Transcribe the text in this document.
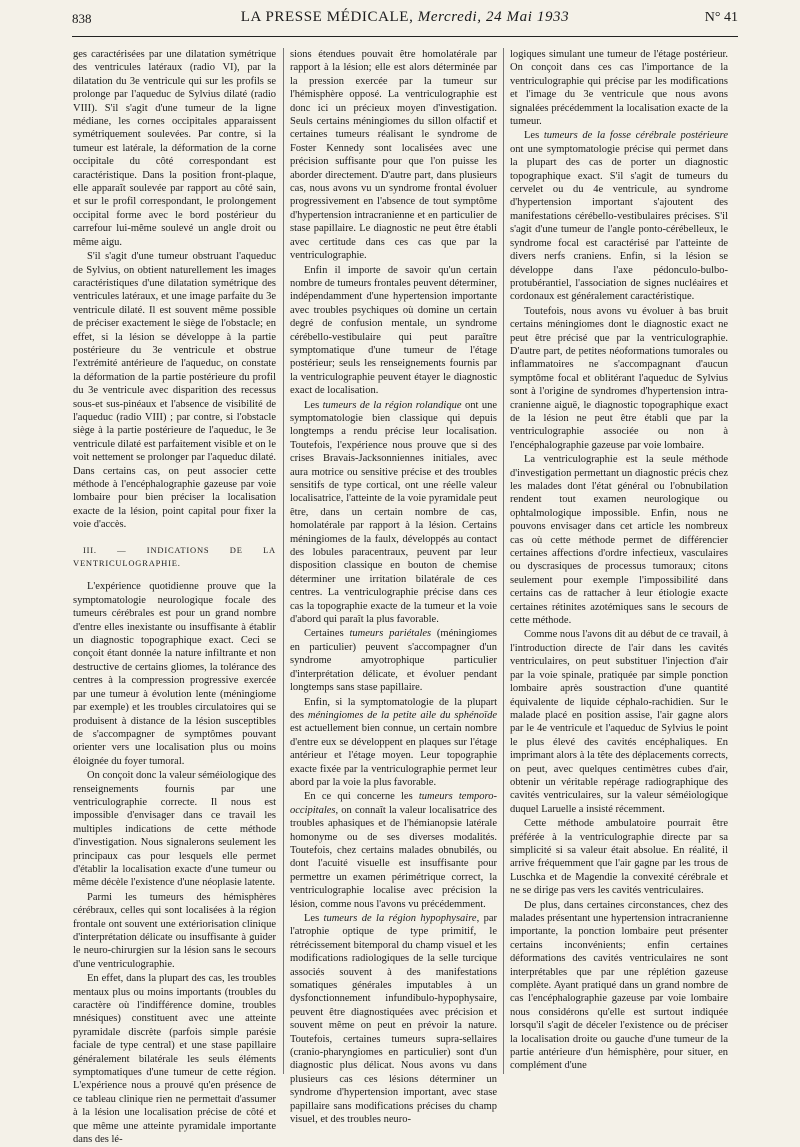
838	LA PRESSE MÉDICALE, Mercredi, 24 Mai 1933	N° 41

ges caractérisées par une dilatation symétrique des ventricules latéraux (radio VI), par la dilatation du 3e ventricule qui sur les profils se prolonge par l'aqueduc de Sylvius dilaté (radio VIII). S'il s'agit d'une tumeur de la ligne médiane, les cornes occipitales apparaissent symétriquement soulevées. Par contre, si la tumeur est latérale, la déformation de la corne occipitale du côté correspondant est caractéristique. Dans la position front-plaque, elle apparaît soulevée par rapport au côté sain, et sur le profil correspondant, le prolongement occipital forme avec le bord postérieur du carrefour lui-même soulevé un angle droit ou même aigu.

S'il s'agit d'une tumeur obstruant l'aqueduc de Sylvius, on obtient naturellement les images caractéristiques d'une dilatation symétrique des ventricules latéraux, et une image parfaite du 3e ventricule dilaté. Il est souvent même possible de préciser exactement le siège de l'obstacle; en effet, si la lésion se développe à la partie postérieure du 3e ventricule et obstrue l'extrémité antérieure de l'aqueduc, on constate la déformation de la partie postérieure du profil du 3e ventricule avec disparition des recessus sous-et sus-pinéaux et l'absence de visibilité de l'aqueduc (radio VIII) ; par contre, si l'obstacle siège à la partie postérieure de l'aqueduc, le 3e ventricule dilaté est parfaitement visible et on le voit nettement se prolonger par l'aqueduc dilaté. Dans certains cas, on peut associer cette méthode à l'encéphalographie gazeuse par voie lombaire pour bien préciser la localisation exacte de la lésion, point capital pour fixer la voie d'accès.

III. — INDICATIONS DE LA VENTRICULOGRAPHIE.

L'expérience quotidienne prouve que la symptomatologie neurologique focale des tumeurs cérébrales est pour un grand nombre d'entre elles inexistante ou insuffisante à établir un diagnostic topographique exact. Ceci se conçoit étant donnée la nature infiltrante et non destructive de certains gliomes, la tolérance des centres à la compression progressive exercée par une tumeur à évolution lente (méningiome par exemple) et les troubles circulatoires qui se produisent à distance de la lésion susceptibles de s'accompagner de symptômes pouvant orienter vers une localisation plus ou moins éloignée du foyer tumoral.

On conçoit donc la valeur séméiologique des renseignements fournis par une ventriculographie correcte. Il nous est impossible d'envisager dans ce travail les multiples indications de cette méthode d'investigation. Nous signalerons seulement les principaux cas pour lesquels elle permet d'établir la localisation exacte d'une tumeur ou même décèle l'existence d'une néoplasie latente.

Parmi les tumeurs des hémisphères cérébraux, celles qui sont localisées à la région frontale ont souvent une extériorisation clinique d'interprétation délicate ou insuffisante à guider le neuro-chirurgien sur la lésion sans le secours d'une ventriculographie.

En effet, dans la plupart des cas, les troubles mentaux plus ou moins importants (troubles du caractère où l'indifférence domine, troubles mnésiques) constituent avec une atteinte pyramidale discrète (parfois simple parésie faciale de type central) et une stase papillaire généralement bilatérale les seuls éléments symptomatiques d'une tumeur de cette région. L'expérience nous a prouvé qu'en présence de ce tableau clinique rien ne permettait d'assumer à la lésion une localisation précise de côté et que même une atteinte pyramidale importante dans des lé-

sions étendues pouvait être homolatérale par rapport à la lésion; elle est alors déterminée par la pression exercée par la tumeur sur l'hémisphère opposé. La ventriculographie est donc ici un précieux moyen d'investigation. Seuls certains méningiomes du sillon olfactif et certaines tumeurs réalisant le syndrome de Foster Kennedy sont localisées avec une précision suffisante pour que l'on puisse les aborder directement. D'autre part, dans plusieurs cas, nous avons vu un syndrome frontal évoluer progressivement en l'absence de tout symptôme d'hypertension intracranienne et en particulier de stase papillaire. Le diagnostic ne peut être établi avec certitude dans ces cas que par la ventriculographie.

Enfin il importe de savoir qu'un certain nombre de tumeurs frontales peuvent déterminer, indépendamment d'une hypertension importante avec troubles psychiques où domine un certain degré de confusion mentale, un syndrome cérébello-vestibulaire qui peut paraître symptomatique d'une tumeur de l'étage postérieur; seuls les renseignements fournis par la ventriculographie peuvent étayer le diagnostic exact de localisation.

Les tumeurs de la région rolandique ont une symptomatologie bien classique qui depuis longtemps a rendu précise leur localisation. Toutefois, l'expérience nous prouve que si des crises Bravais-Jacksonniennes initiales, avec aura motrice ou sensitive précise et des troubles sensitifs de type cortical, ont une réelle valeur localisatrice, l'atteinte de la voie pyramidale peut être, dans un certain nombre de cas, homolatérale par rapport à la lésion. Certains méningiomes de la faulx, développés au contact des lobules paracentraux, peuvent par leur disposition classique en bouton de chemise déterminer une irritation bilatérale de ces centres. La ventriculographie précise dans ces cas la topographie exacte de la tumeur et la voie d'abord qui paraît la plus favorable.

Certaines tumeurs pariétales (méningiomes en particulier) peuvent s'accompagner d'un syndrome amyotrophique particulier d'interprétation délicate, et évoluer pendant longtemps sans stase papillaire.

Enfin, si la symptomatologie de la plupart des méningiomes de la petite aile du sphénoïde est actuellement bien connue, un certain nombre d'entre eux se développent en plaques sur l'étage antérieur et l'étage moyen. Leur topographie exacte fixée par la ventriculographie permet leur abord par la voie la plus favorable.

En ce qui concerne les tumeurs temporo-occipitales, on connaît la valeur localisatrice des troubles aphasiques et de l'hémianopsie latérale homonyme ou de ses diverses modalités. Toutefois, chez certains malades obnubilés, ou dont l'acuité visuelle est insuffisante pour permettre un examen périmétrique correct, la ventriculographie localise avec précision la lésion, comme nous l'avons vu précédemment.

Les tumeurs de la région hypophysaire, par l'atrophie optique de type primitif, le rétrécissement bitemporal du champ visuel et les modifications radiologiques de la selle turcique associés souvent à des manifestations somatiques générales imputables à un dysfonctionnement infundibulo-hypophysaire, peuvent être diagnostiquées avec précision et souvent même on peut en prévoir la nature. Toutefois, certaines tumeurs supra-sellaires (cranio-pharyngiomes en particulier) sont d'un diagnostic plus délicat. Nous avons vu dans plusieurs cas ces lésions déterminer un syndrome d'hypertension important, avec stase papillaire sans modifications précises du champ visuel, et des troubles neuro-

logiques simulant une tumeur de l'étage postérieur. On conçoit dans ces cas l'importance de la ventriculographie qui précise par les modifications et l'image du 3e ventricule que nous avons signalées précédemment la localisation exacte de la tumeur.

Les tumeurs de la fosse cérébrale postérieure ont une symptomatologie précise qui permet dans la plupart des cas de porter un diagnostic topographique exact. S'il s'agit de tumeurs du cervelet ou du 4e ventricule, au syndrome d'hypertension important s'ajoutent des manifestations cérébello-vestibulaires précises. S'il s'agit d'une tumeur de l'angle ponto-cérébelleux, le syndrome focal est caractérisé par l'atteinte de divers nerfs craniens. Enfin, si la lésion se développe dans l'axe pédonculo-bulbo-protubérantiel, l'association de signes nucléaires et cordonaux est généralement caractéristique.

Toutefois, nous avons vu évoluer à bas bruit certains méningiomes dont le diagnostic exact ne peut être précisé que par la ventriculographie. D'autre part, de petites néoformations tumorales ou inflammatoires ne s'accompagnant d'aucun symptôme focal et oblitérant l'aqueduc de Sylvius sont à l'origine de syndromes d'hypertension intra-cranienne aiguë, le diagnostic topographique exact de la lésion ne peut être établi que par la ventriculographie associée ou non à l'encéphalographie gazeuse par voie lombaire.

La ventriculographie est la seule méthode d'investigation permettant un diagnostic précis chez les malades dont l'état général ou l'obnubilation rendent tout examen neurologique ou ophtalmologique impossible. Enfin, nous ne pouvons envisager dans cet article les nombreux cas où cette méthode permet de différencier certaines affections d'ordre infectieux, vasculaires ou dyscrasiques de processus tumoraux; citons seulement pour exemple l'impossibilité dans certains cas de rattacher à leur étiologie exacte certaines rétinites azotémiques sans le secours de cette méthode.

Comme nous l'avons dit au début de ce travail, à l'introduction directe de l'air dans les cavités ventriculaires, on peut substituer l'injection d'air par la voie spinale, pratiquée par simple ponction lombaire après soustraction d'une quantité équivalente de liquide céphalo-rachidien. Sur le malade placé en position assise, l'air gagne alors par le 4e ventricule et l'aqueduc de Sylvius le point le plus élevé des cavités encéphaliques. En imprimant alors à la tête des déplacements corrects, on peut, avec quelques centimètres cubes d'air, obtenir un véritable repérage radiographique des cavités ventriculaires, sur la valeur séméiologique duquel Laruelle a insisté récemment.

Cette méthode ambulatoire pourrait être préférée à la ventriculographie directe par sa simplicité si sa valeur était absolue. En réalité, il arrive fréquemment que l'air gagne par les trous de Luschka et de Magendie la convexité cérébrale et ne se dirige pas vers les cavités ventriculaires.

De plus, dans certaines circonstances, chez des malades présentant une hypertension intracranienne importante, la ponction lombaire peut présenter certains inconvénients; enfin certaines déformations des cavités ventriculaires ne sont interprétables que par une réplétion gazeuse complète. Ayant pratiqué dans un grand nombre de cas l'encéphalographie gazeuse par voie lombaire nous considérons qu'elle est surtout indiquée lorsqu'il s'agit de déceler l'existence ou de préciser la localisation droite ou gauche d'une tumeur de la partie antérieure d'un hémisphère, pour situer, en complément d'une
